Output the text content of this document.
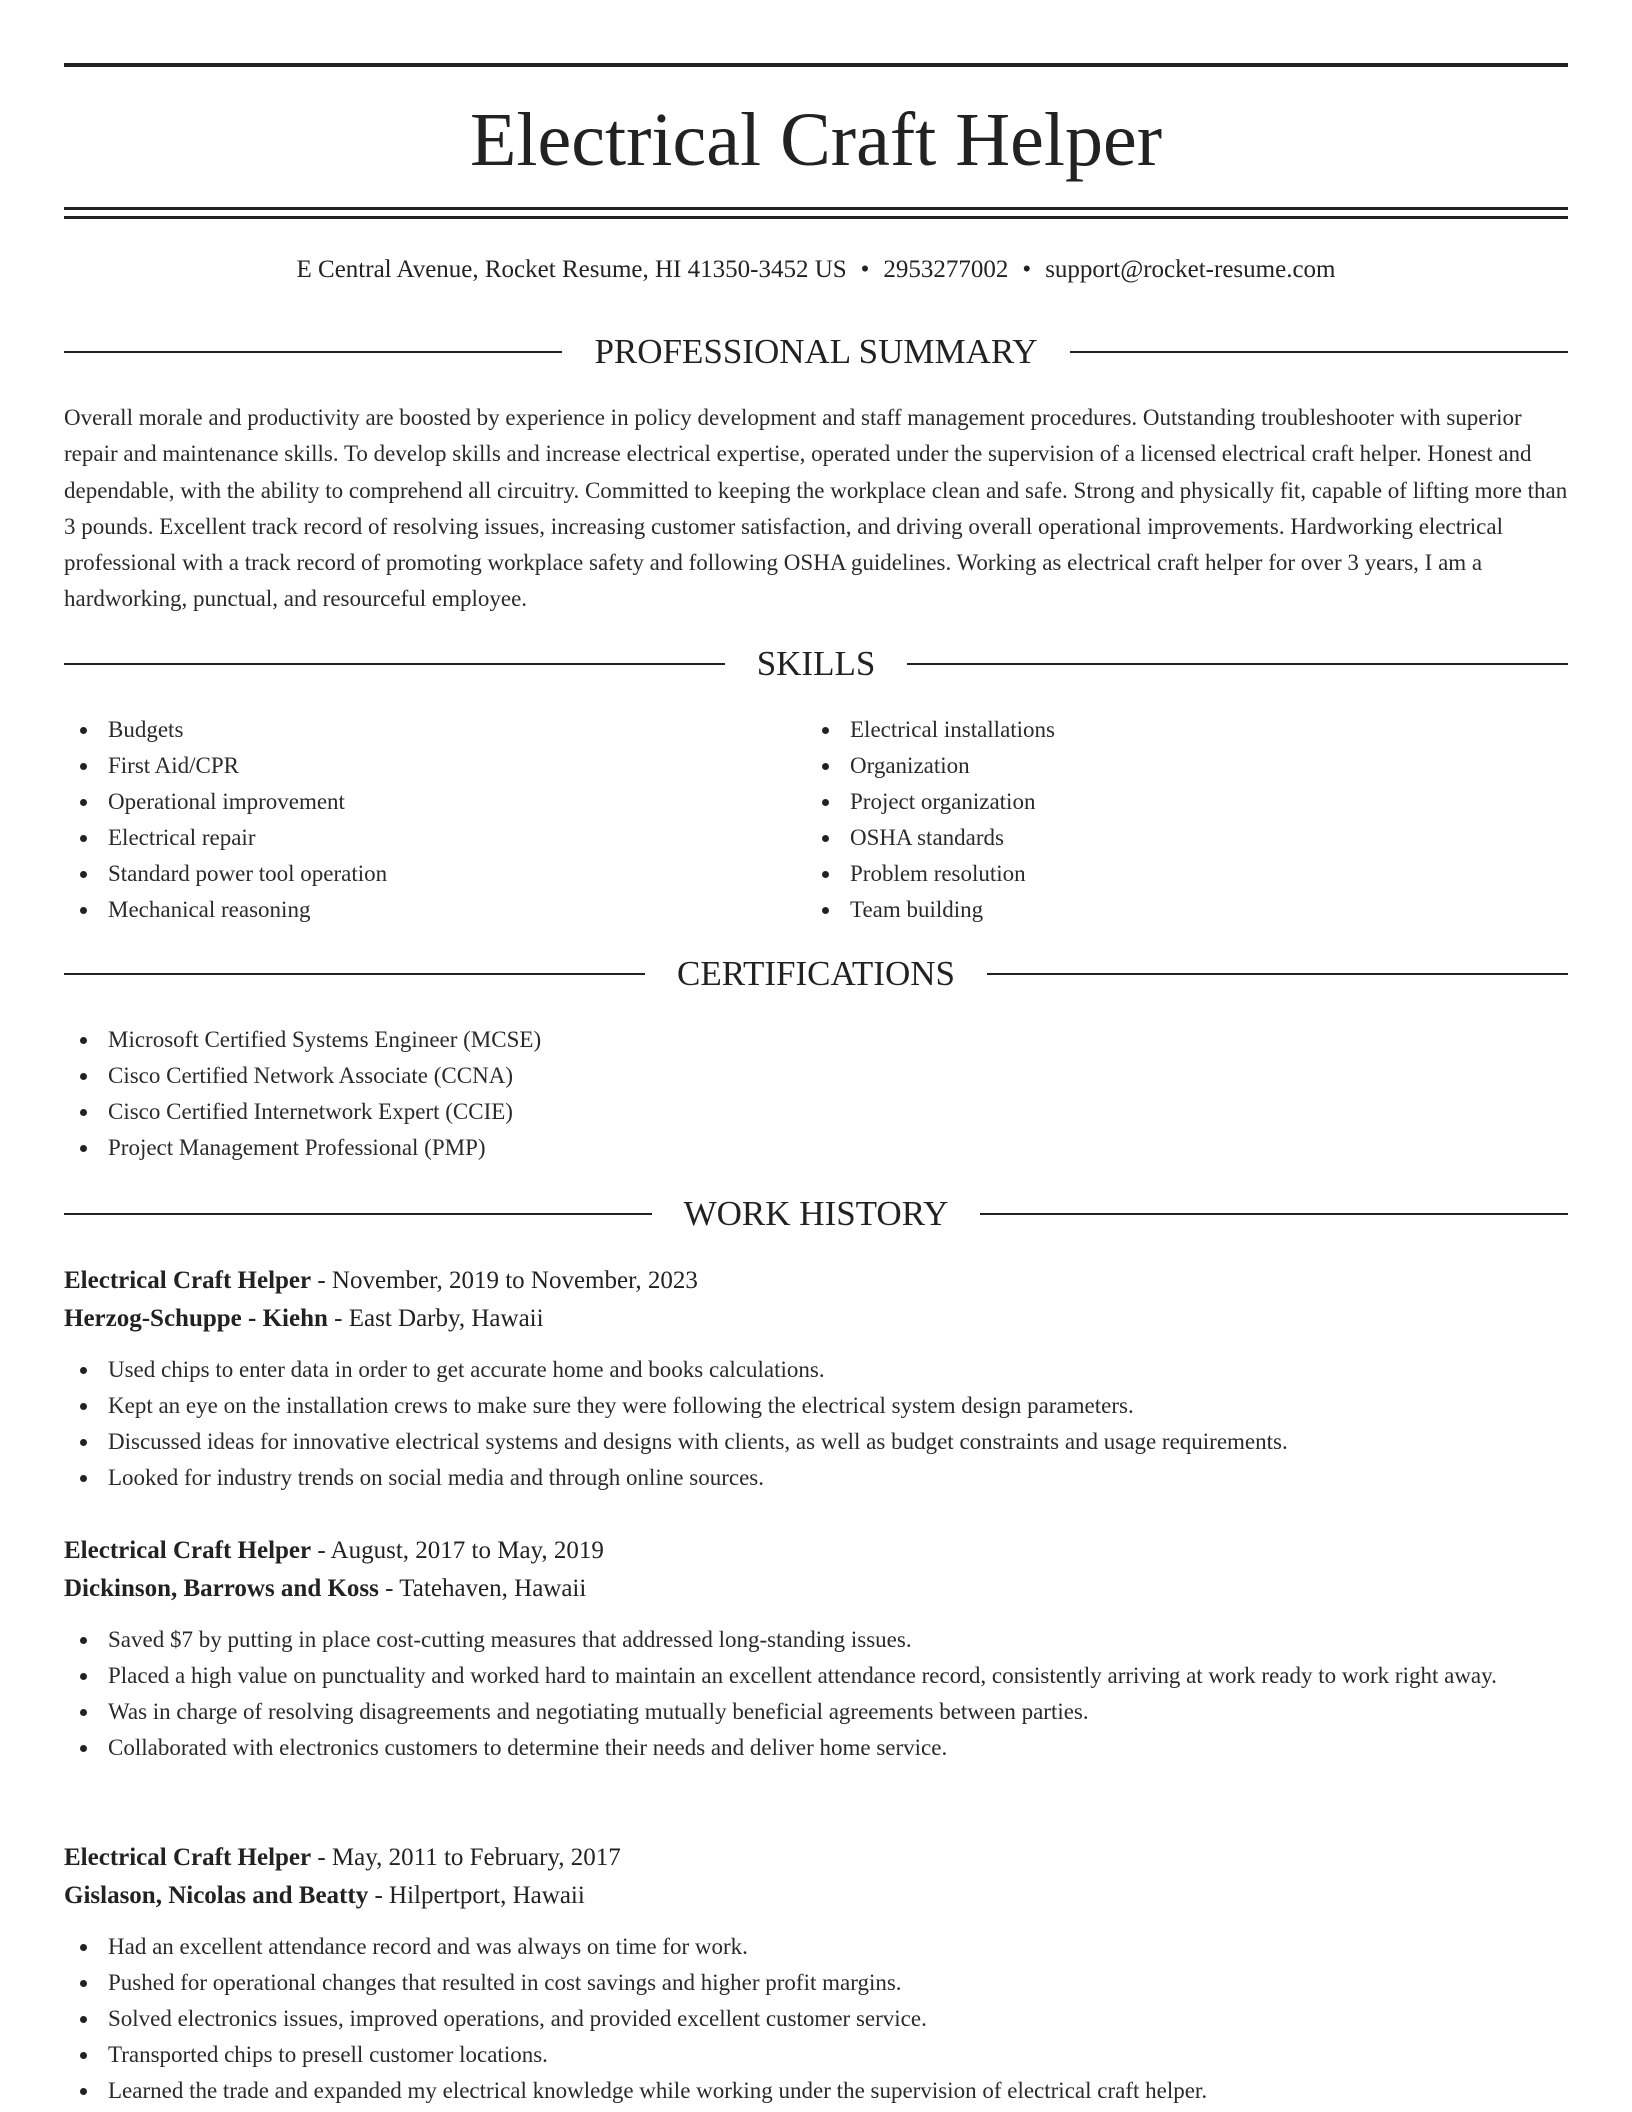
Electrical Craft Helper
E Central Avenue, Rocket Resume, HI 41350-3452 US • 2953277002 • support@rocket-resume.com
PROFESSIONAL SUMMARY

Overall morale and productivity are boosted by experience in policy development and staff management procedures. Outstanding troubleshooter with superior repair and maintenance skills. To develop skills and increase electrical expertise, operated under the supervision of a licensed electrical craft helper. Honest and dependable, with the ability to comprehend all circuitry. Committed to keeping the workplace clean and safe. Strong and physically fit, capable of lifting more than 3 pounds. Excellent track record of resolving issues, increasing customer satisfaction, and driving overall operational improvements. Hardworking electrical professional with a track record of promoting workplace safety and following OSHA guidelines. Working as electrical craft helper for over 3 years, I am a hardworking, punctual, and resourceful employee.

SKILLS
Budgets
First Aid/CPR
Operational improvement
Electrical repair
Standard power tool operation
Mechanical reasoning
Electrical installations
Organization
Project organization
OSHA standards
Problem resolution
Team building
CERTIFICATIONS
Microsoft Certified Systems Engineer (MCSE)
Cisco Certified Network Associate (CCNA)
Cisco Certified Internetwork Expert (CCIE)
Project Management Professional (PMP)
WORK HISTORY
Electrical Craft Helper - November, 2019 to November, 2023
Herzog-Schuppe - Kiehn - East Darby, Hawaii
Used chips to enter data in order to get accurate home and books calculations.
Kept an eye on the installation crews to make sure they were following the electrical system design parameters.
Discussed ideas for innovative electrical systems and designs with clients, as well as budget constraints and usage requirements.
Looked for industry trends on social media and through online sources.
Electrical Craft Helper - August, 2017 to May, 2019
Dickinson, Barrows and Koss - Tatehaven, Hawaii
Saved $7 by putting in place cost-cutting measures that addressed long-standing issues.
Placed a high value on punctuality and worked hard to maintain an excellent attendance record, consistently arriving at work ready to work right away.
Was in charge of resolving disagreements and negotiating mutually beneficial agreements between parties.
Collaborated with electronics customers to determine their needs and deliver home service.
Electrical Craft Helper - May, 2011 to February, 2017
Gislason, Nicolas and Beatty - Hilpertport, Hawaii
Had an excellent attendance record and was always on time for work.
Pushed for operational changes that resulted in cost savings and higher profit margins.
Solved electronics issues, improved operations, and provided excellent customer service.
Transported chips to presell customer locations.
Learned the trade and expanded my electrical knowledge while working under the supervision of electrical craft helper.
